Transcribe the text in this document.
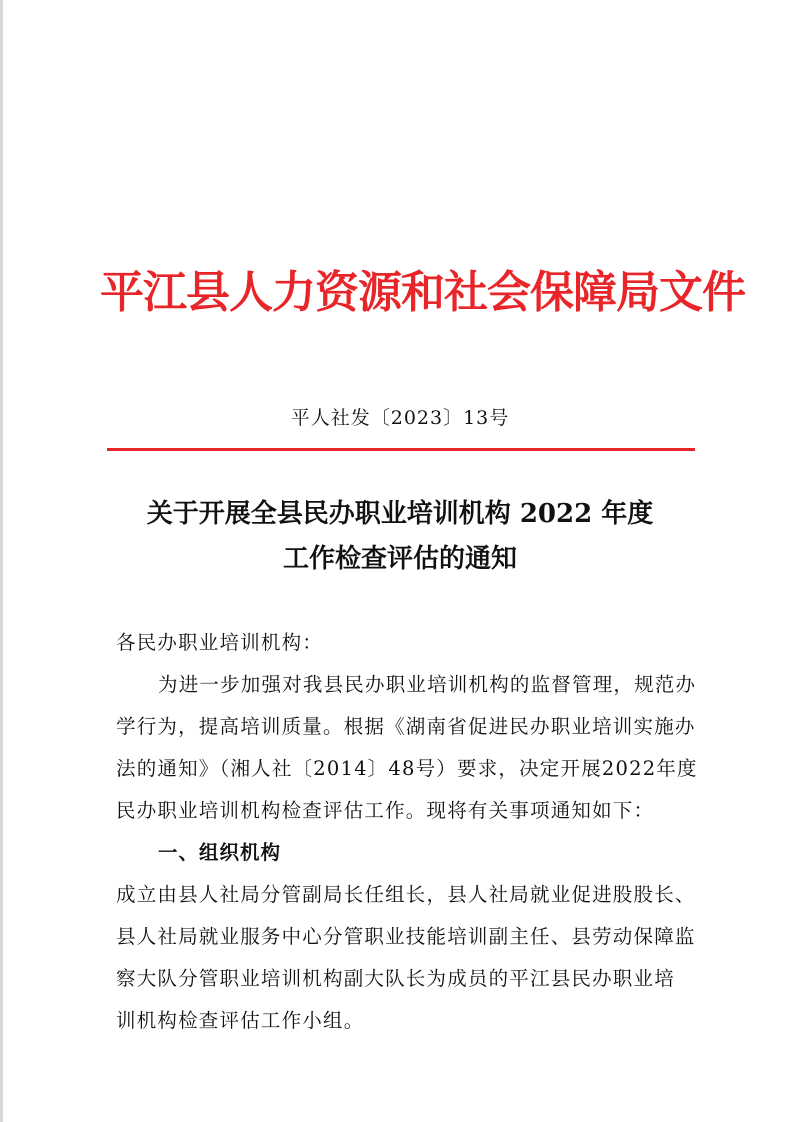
平江县人力资源和社会保障局文件
平人社发〔2023〕13号
关于开展全县民办职业培训机构 2022 年度
工作检查评估的通知

各民办职业培训机构：

为进一步加强对我县民办职业培训机构的监督管理，规范办

学行为，提高培训质量。根据《湖南省促进民办职业培训实施办

法的通知》（湘人社〔2014〕48号）要求，决定开展2022年度

民办职业培训机构检查评估工作。现将有关事项通知如下：

一、组织机构

成立由县人社局分管副局长任组长，县人社局就业促进股股长、

县人社局就业服务中心分管职业技能培训副主任、县劳动保障监

察大队分管职业培训机构副大队长为成员的平江县民办职业培

训机构检查评估工作小组。
